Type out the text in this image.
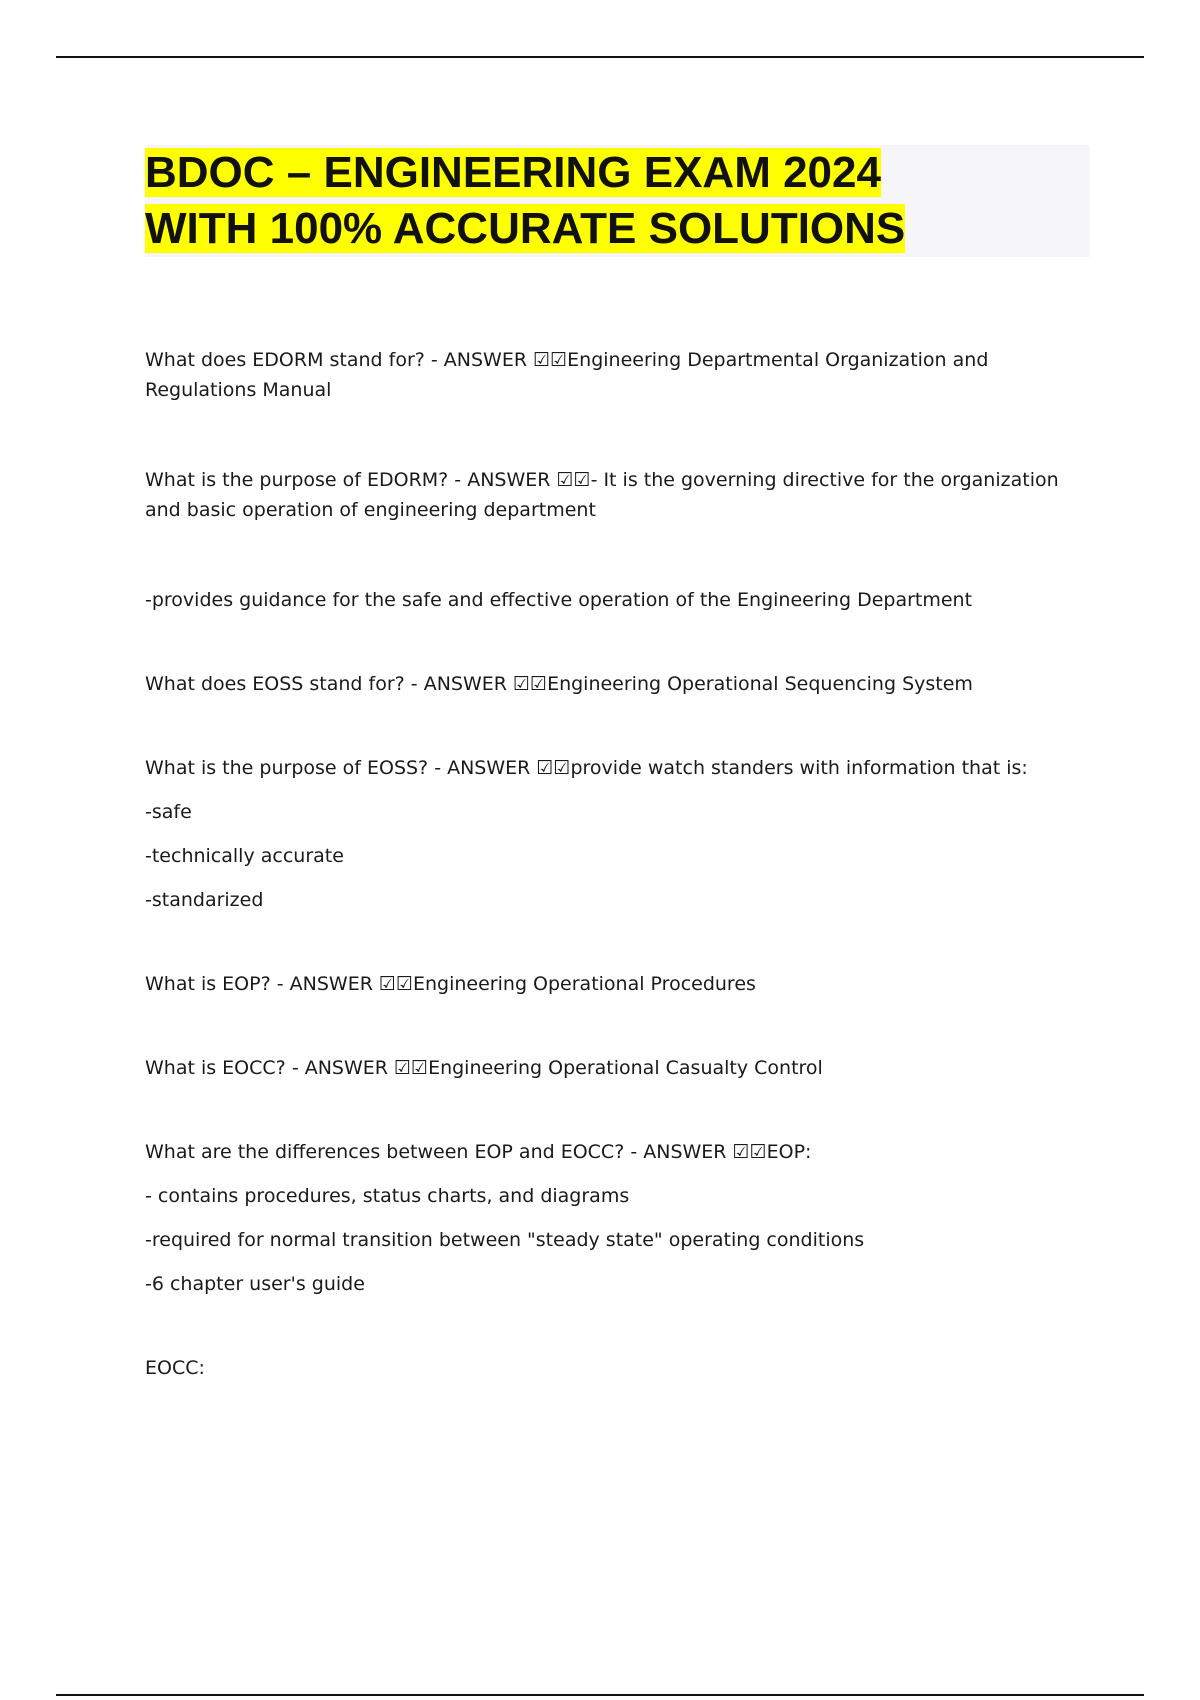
BDOC – ENGINEERING EXAM 2024
WITH 100% ACCURATE SOLUTIONS

What does EDORM stand for? - ANSWER ☑☑Engineering Departmental Organization and Regulations Manual

What is the purpose of EDORM? - ANSWER ☑☑- It is the governing directive for the organization and basic operation of engineering department

-provides guidance for the safe and effective operation of the Engineering Department

What does EOSS stand for? - ANSWER ☑☑Engineering Operational Sequencing System

What is the purpose of EOSS? - ANSWER ☑☑provide watch standers with information that is:

-safe

-technically accurate

-standarized

What is EOP? - ANSWER ☑☑Engineering Operational Procedures

What is EOCC? - ANSWER ☑☑Engineering Operational Casualty Control

What are the differences between EOP and EOCC? - ANSWER ☑☑EOP:

- contains procedures, status charts, and diagrams

-required for normal transition between "steady state" operating conditions

-6 chapter user's guide

EOCC:
